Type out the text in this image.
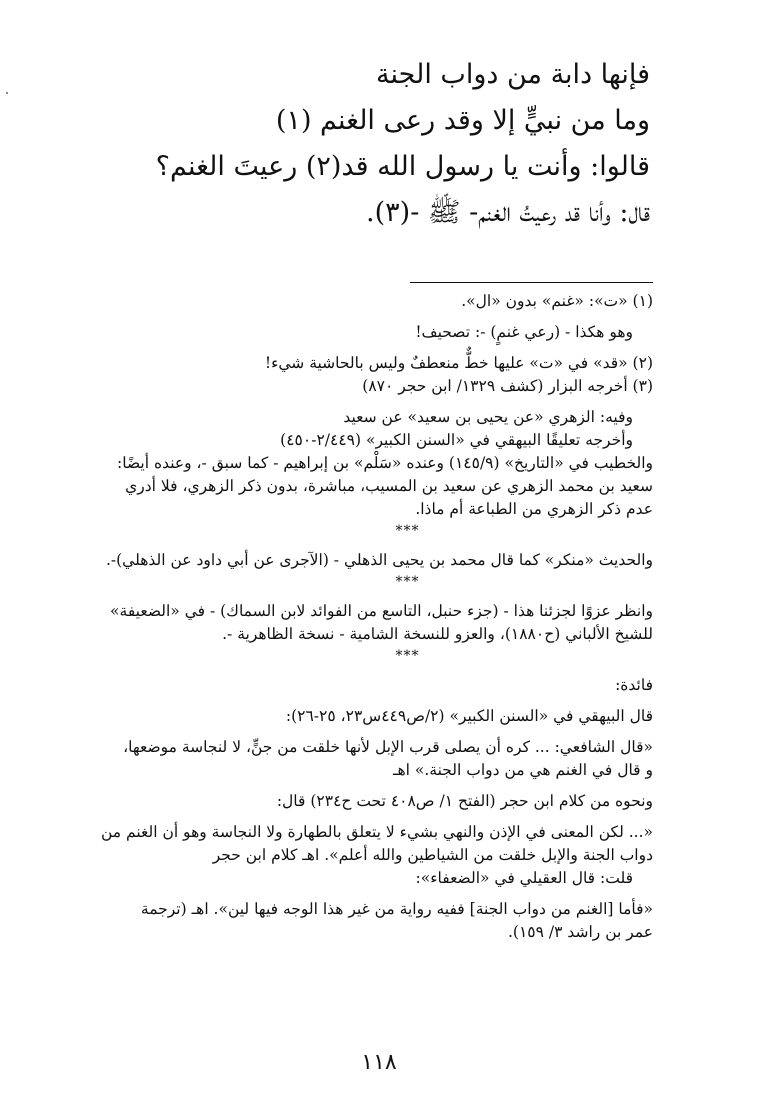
فإنها دابة من دواب الجنة
وما من نبيٍّ إلا وقد رعى الغنم (١)
قالوا: وأنت يا رسول الله قد(٢) رعيتَ الغنم؟
قال: وأنا قد رعيتُ الغنم- ﷺ -(٣).
(١) «ت»: «غنم» بدون «ال».
وهو هكذا - (رعي غنمٍ) -: تصحيف!
(٢) «قد» في «ت» عليها خطٌّ منعطفٌ وليس بالحاشية شيء!
(٣) أخرجه البزار (كشف ١٣٢٩/ ابن حجر ٨٧٠)
وفيه: الزهري «عن يحيى بن سعيد» عن سعيد
وأخرجه تعليقًا البيهقي في «السنن الكبير» (٢/٤٤٩-٤٥٠)
والخطيب في «التاريخ» (١٤٥/٩) وعنده «سَلْم» بن إبراهيم - كما سبق -، وعنده أيضًا:
سعيد بن محمد الزهري عن سعيد بن المسيب، مباشرة، بدون ذكر الزهري، فلا أدري
عدم ذكر الزهري من الطباعة أم ماذا.
***
والحديث «منكر» كما قال محمد بن يحيى الذهلي - (الآجرى عن أبي داود عن الذهلي)-.
***
وانظر عزوًا لجزئنا هذا - (جزء حنبل، التاسع من الفوائد لابن السماك) - في «الضعيفة»
للشيخ الألباني (ح١٨٨٠)، والعزو للنسخة الشامية - نسخة الظاهرية -.
***
فائدة:
قال البيهقي في «السنن الكبير» (٢/ص٤٤٩س٢٣، ٢٥-٢٦):
«قال الشافعي: ... كره أن يصلى قرب الإبل لأنها خلقت من جنٍّ، لا لنجاسة موضعها،
و قال في الغنم هي من دواب الجنة.» اهـ
ونحوه من كلام ابن حجر (الفتح ١/ ص٤٠٨ تحت ح٢٣٤) قال:
«... لكن المعنى في الإذن والنهي بشيء لا يتعلق بالطهارة ولا النجاسة وهو أن الغنم من
دواب الجنة والإبل خلقت من الشياطين والله أعلم». اهـ كلام ابن حجر
قلت: قال العقيلي في «الضعفاء»:
«فأما [الغنم من دواب الجنة] ففيه رواية من غير هذا الوجه فيها لين». اهـ (ترجمة
عمر بن راشد ٣/ ١٥٩).
١١٨
